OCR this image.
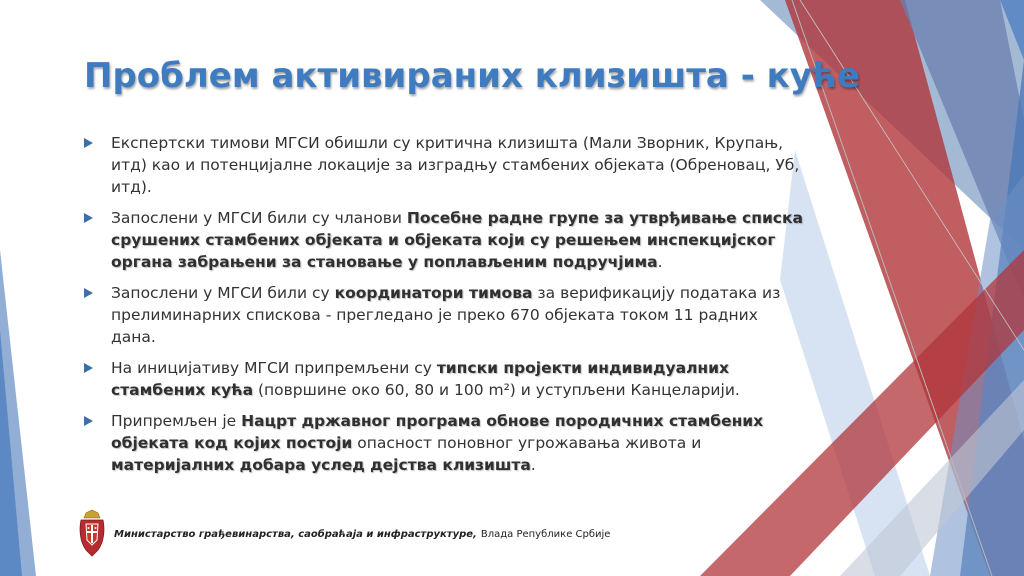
Проблем активираних клизишта - куће
Експертски тимови МГСИ обишли су критична клизишта (Мали Зворник, Крупањ, итд) као и потенцијалне локације за изградњу стамбених објеката (Обреновац, Уб, итд).
Запослени у МГСИ били су чланови Посебне радне групе за утврђивање списка срушених стамбених објеката и објеката који су решењем инспекцијског органа забрањени за становање у поплављеним подручјима.
Запослени у МГСИ били су координатори тимова за верификацију података из прелиминарних спискова - прегледано је преко 670 објеката током 11 радних дана.
На иницијативу МГСИ припремљени су типски пројекти индивидуалних стамбених кућа (површине око 60, 80 и 100 m²) и уступљени Канцеларији.
Припремљен је Нацрт државног програма обнове породичних стамбених објеката код којих постоји опасност поновног угрожавања живота и материјалних добара услед дејства клизишта.
Министарство грађевинарства, саобраћаја и инфраструктуре, Влада Републике Србије
